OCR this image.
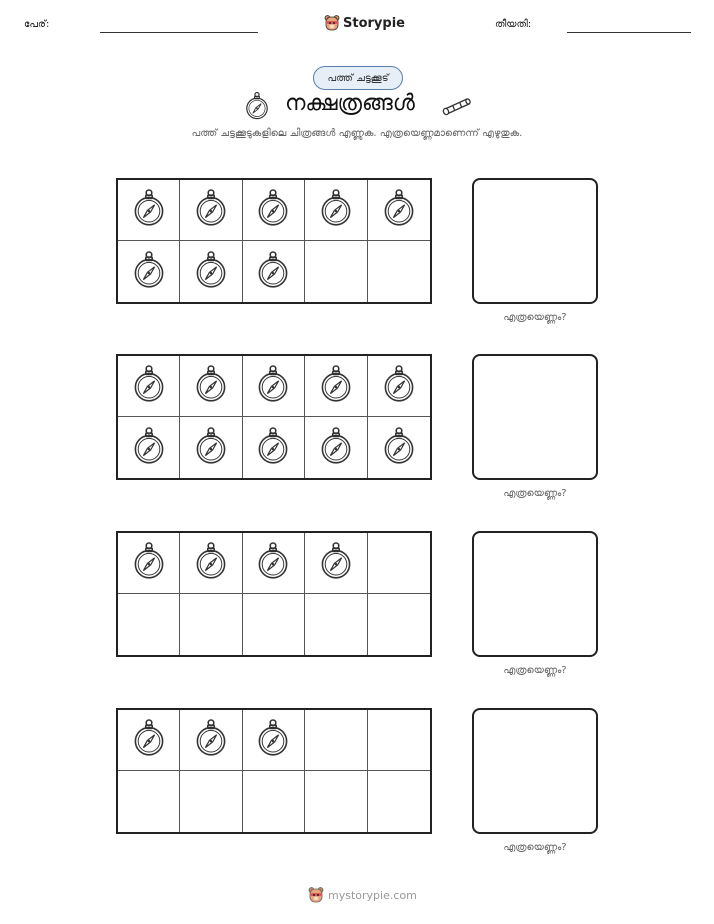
പേര്:	Storypie	തീയതി:
പത്ത് ചട്ടക്കൂട്
നക്ഷത്രങ്ങൾ
പത്ത് ചട്ടക്കൂടുകളിലെ ചിത്രങ്ങൾ എണ്ണുക. എത്രയെണ്ണമാണെന്ന് എഴുതുക.
എത്രയെണ്ണം?
എത്രയെണ്ണം?
എത്രയെണ്ണം?
എത്രയെണ്ണം?
mystorypie.com
